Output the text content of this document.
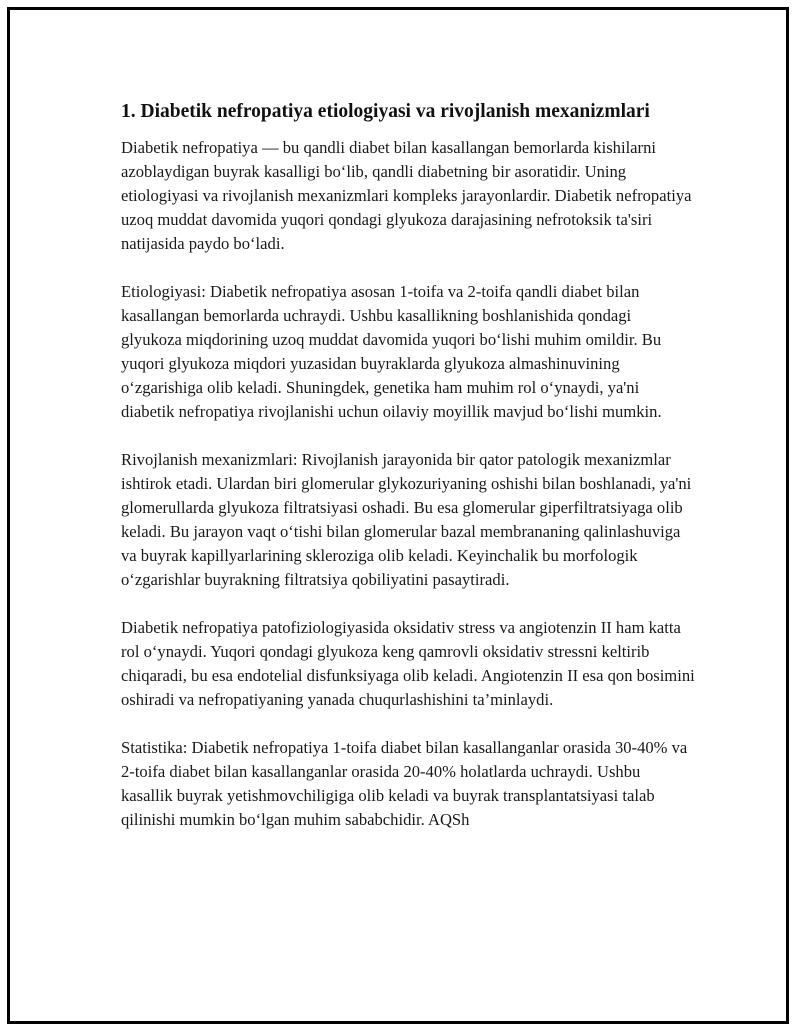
1. Diabetik nefropatiya etiologiyasi va rivojlanish mexanizmlari

Diabetik nefropatiya — bu qandli diabet bilan kasallangan bemorlarda kishilarni azoblaydigan buyrak kasalligi bo‘lib, qandli diabetning bir asoratidir. Uning etiologiyasi va rivojlanish mexanizmlari kompleks jarayonlardir. Diabetik nefropatiya uzoq muddat davomida yuqori qondagi glyukoza darajasining nefrotoksik ta'siri natijasida paydo bo‘ladi.

Etiologiyasi: Diabetik nefropatiya asosan 1-toifa va 2-toifa qandli diabet bilan kasallangan bemorlarda uchraydi. Ushbu kasallikning boshlanishida qondagi glyukoza miqdorining uzoq muddat davomida yuqori bo‘lishi muhim omildir. Bu yuqori glyukoza miqdori yuzasidan buyraklarda glyukoza almashinuvining o‘zgarishiga olib keladi. Shuningdek, genetika ham muhim rol o‘ynaydi, ya'ni diabetik nefropatiya rivojlanishi uchun oilaviy moyillik mavjud bo‘lishi mumkin.

Rivojlanish mexanizmlari: Rivojlanish jarayonida bir qator patologik mexanizmlar ishtirok etadi. Ulardan biri glomerular glykozuriyaning oshishi bilan boshlanadi, ya'ni glomerullarda glyukoza filtratsiyasi oshadi. Bu esa glomerular giperfiltratsiyaga olib keladi. Bu jarayon vaqt o‘tishi bilan glomerular bazal membrananing qalinlashuviga va buyrak kapillyarlarining skleroziga olib keladi. Keyinchalik bu morfologik o‘zgarishlar buyrakning filtratsiya qobiliyatini pasaytiradi.

Diabetik nefropatiya patofiziologiyasida oksidativ stress va angiotenzin II ham katta rol o‘ynaydi. Yuqori qondagi glyukoza keng qamrovli oksidativ stressni keltirib chiqaradi, bu esa endotelial disfunksiyaga olib keladi. Angiotenzin II esa qon bosimini oshiradi va nefropatiyaning yanada chuqurlashishini ta’minlaydi.

Statistika: Diabetik nefropatiya 1-toifa diabet bilan kasallanganlar orasida 30-40% va 2-toifa diabet bilan kasallanganlar orasida 20-40% holatlarda uchraydi. Ushbu kasallik buyrak yetishmovchiligiga olib keladi va buyrak transplantatsiyasi talab qilinishi mumkin bo‘lgan muhim sababchidir. AQSh
